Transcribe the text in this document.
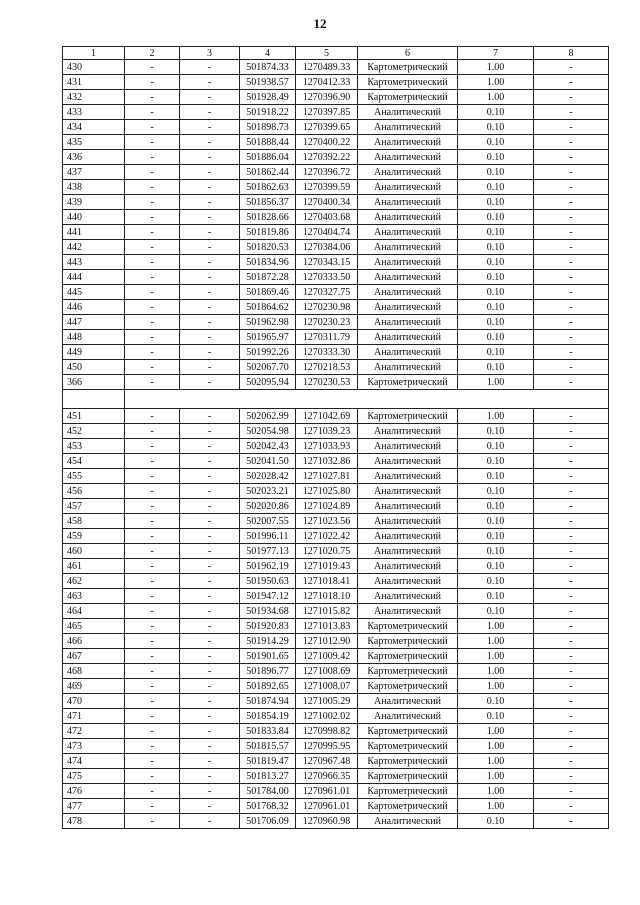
12
1	2	3	4	5	6	7	8
430	-	-	501874.33	1270489.33	Картометрический	1.00	-
431	-	-	501938.57	1270412.33	Картометрический	1.00	-
432	-	-	501928.49	1270396.90	Картометрический	1.00	-
433	-	-	501918.22	1270397.85	Аналитический	0.10	-
434	-	-	501898.73	1270399.65	Аналитический	0.10	-
435	-	-	501888.44	1270400.22	Аналитический	0.10	-
436	-	-	501886.04	1270392.22	Аналитический	0.10	-
437	-	-	501862.44	1270396.72	Аналитический	0.10	-
438	-	-	501862.63	1270399.59	Аналитический	0.10	-
439	-	-	501856.37	1270400.34	Аналитический	0.10	-
440	-	-	501828.66	1270403.68	Аналитический	0.10	-
441	-	-	501819.86	1270404.74	Аналитический	0.10	-
442	-	-	501820.53	1270384.06	Аналитический	0.10	-
443	-	-	501834.96	1270343.15	Аналитический	0.10	-
444	-	-	501872.28	1270333.50	Аналитический	0.10	-
445	-	-	501869.46	1270327.75	Аналитический	0.10	-
446	-	-	501864.62	1270230.98	Аналитический	0.10	-
447	-	-	501962.98	1270230.23	Аналитический	0.10	-
448	-	-	501965.97	1270311.79	Аналитический	0.10	-
449	-	-	501992.26	1270333.30	Аналитический	0.10	-
450	-	-	502067.70	1270218.53	Аналитический	0.10	-
366	-	-	502095.94	1270230.53	Картометрический	1.00	-

451	-	-	502062.99	1271042.69	Картометрический	1.00	-
452	-	-	502054.98	1271039.23	Аналитический	0.10	-
453	-	-	502042.43	1271033.93	Аналитический	0.10	-
454	-	-	502041.50	1271032.86	Аналитический	0.10	-
455	-	-	502028.42	1271027.81	Аналитический	0.10	-
456	-	-	502023.21	1271025.80	Аналитический	0.10	-
457	-	-	502020.86	1271024.89	Аналитический	0.10	-
458	-	-	502007.55	1271023.56	Аналитический	0.10	-
459	-	-	501996.11	1271022.42	Аналитический	0.10	-
460	-	-	501977.13	1271020.75	Аналитический	0.10	-
461	-	-	501962.19	1271019.43	Аналитический	0.10	-
462	-	-	501950.63	1271018.41	Аналитический	0.10	-
463	-	-	501947.12	1271018.10	Аналитический	0.10	-
464	-	-	501934.68	1271015.82	Аналитический	0.10	-
465	-	-	501920.83	1271013.83	Картометрический	1.00	-
466	-	-	501914.29	1271012.90	Картометрический	1.00	-
467	-	-	501901.65	1271009.42	Картометрический	1.00	-
468	-	-	501896.77	1271008.69	Картометрический	1.00	-
469	-	-	501892.65	1271008.07	Картометрический	1.00	-
470	-	-	501874.94	1271005.29	Аналитический	0.10	-
471	-	-	501854.19	1271002.02	Аналитический	0.10	-
472	-	-	501833.84	1270998.82	Картометрический	1.00	-
473	-	-	501815.57	1270995.95	Картометрический	1.00	-
474	-	-	501819.47	1270967.48	Картометрический	1.00	-
475	-	-	501813.27	1270966.35	Картометрический	1.00	-
476	-	-	501784.00	1270961.01	Картометрический	1.00	-
477	-	-	501768.32	1270961.01	Картометрический	1.00	-
478	-	-	501706.09	1270960.98	Аналитический	0.10	-
